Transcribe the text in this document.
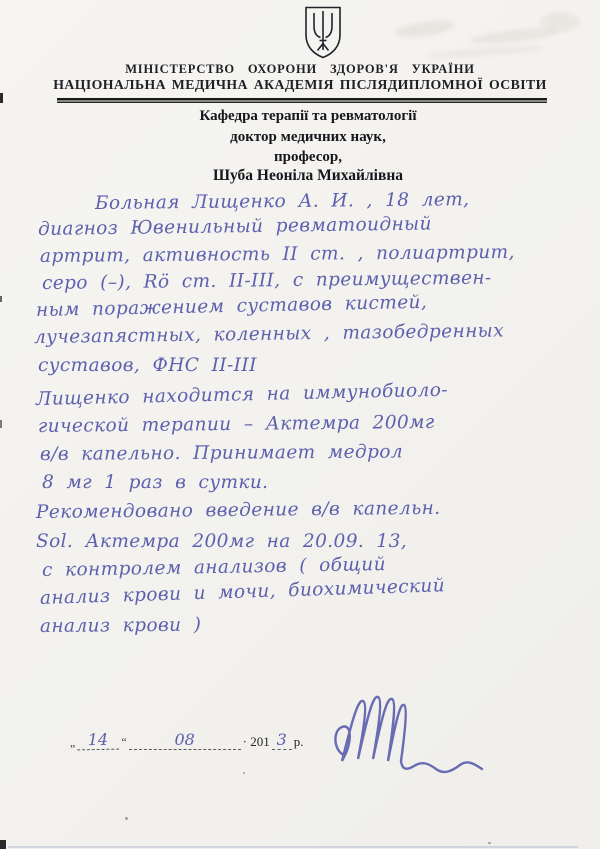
МІНІСТЕРСТВО ОХОРОНИ ЗДОРОВ'Я УКРАЇНИ
НАЦІОНАЛЬНА МЕДИЧНА АКАДЕМІЯ ПІСЛЯДИПЛОМНОЇ ОСВІТИ
Кафедра терапії та ревматології
доктор медичних наук,
професор,
Шуба Неоніла Михайлівна
Больная Лищенко А. И. , 18 лет,
диагноз Ювенильный ревматоидный
артрит, активность II ст. , полиартрит,
серо (–), Rö ст. II-III, с преимуществен-
ным поражением суставов кистей,
лучезапястных, коленных , тазобедренных
суставов, ФНС II-III
Лищенко находится на иммунобиоло-
гической терапии – Актемра 200мг
в/в капельно. Принимает медрол
8 мг 1 раз в сутки.
Рекомендовано введение в/в капельн.
Sol. Актемра 200мг на 20.09. 13,
с контролем анализов ( общий
анализ крови и мочи, биохимический
анализ крови )
„ 14	“	08	· 201 3 р.
